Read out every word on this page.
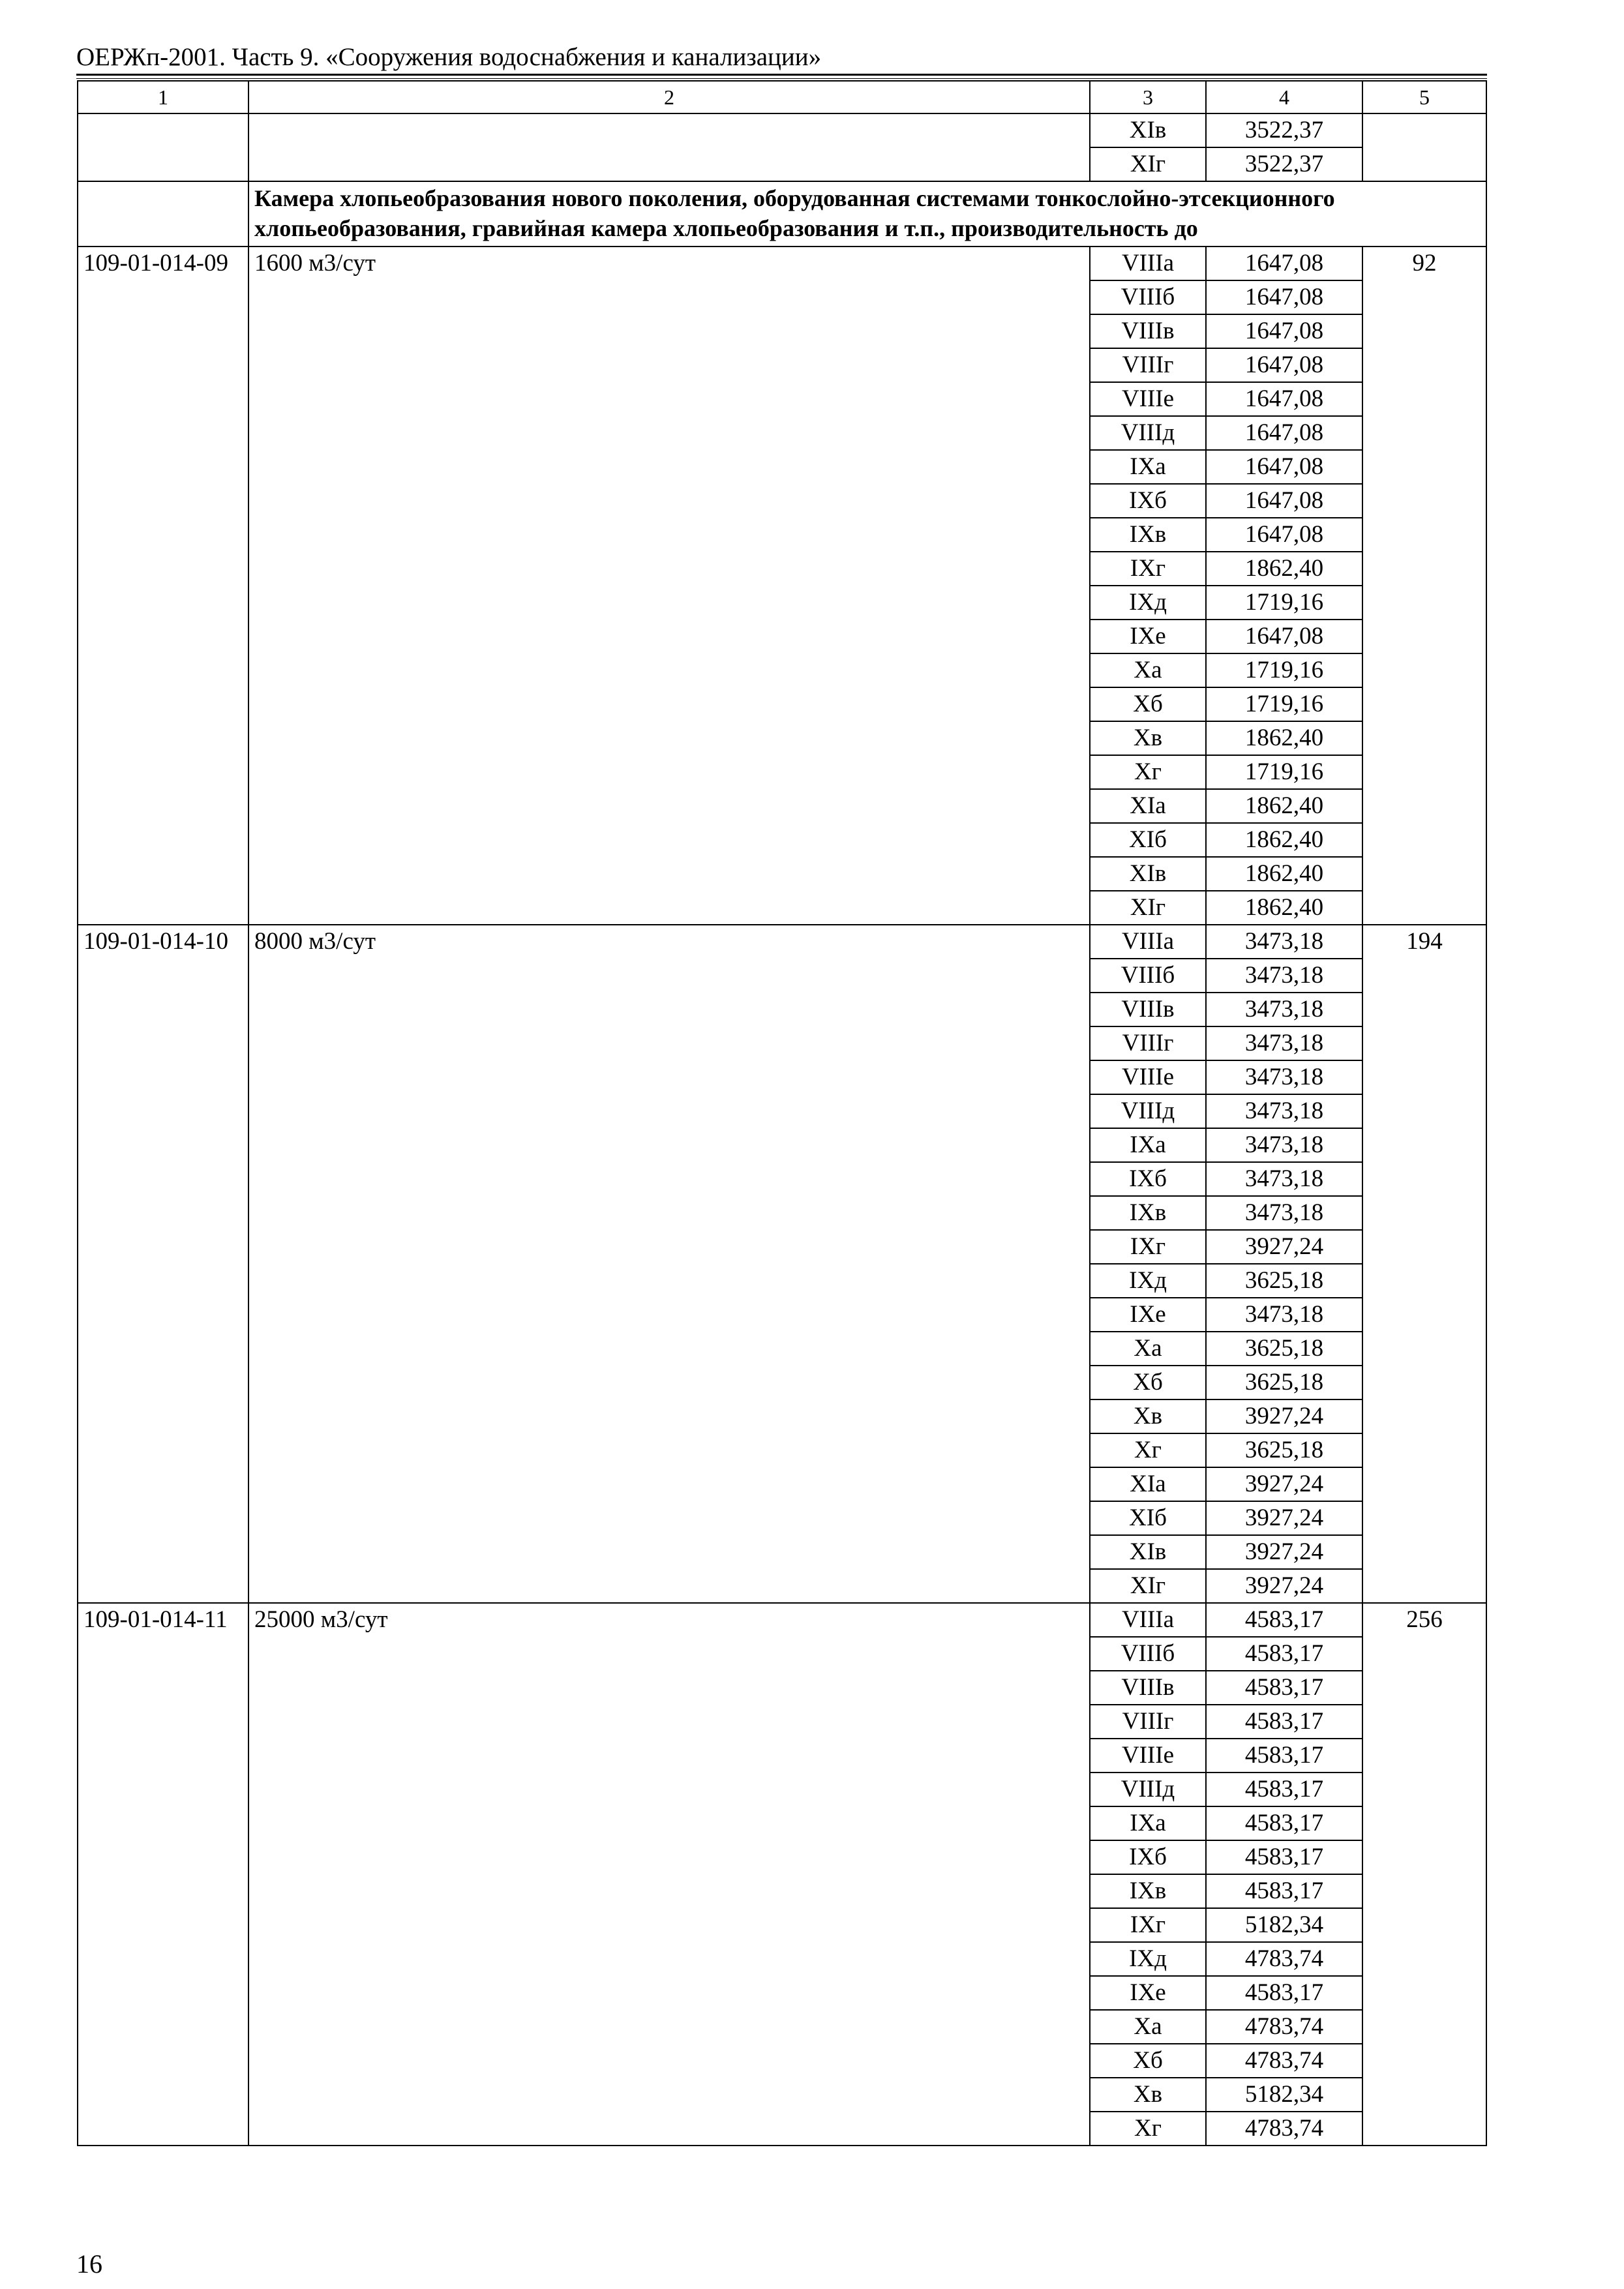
ОЕРЖп-2001. Часть 9. «Сооружения водоснабжения и канализации»
1	2	3	4	5
		XIв	3522,37	
		XIг	3522,37	
	Камера хлопьеобразования нового поколения, оборудованная системами тонкослойно-этсекционного хлопьеобразования, гравийная камера хлопьеобразования и т.п., производительность до			
109-01-014-09	1600 м3/сут	VIIIа	1647,08	92
		VIIIб	1647,08	
		VIIIв	1647,08	
		VIIIг	1647,08	
		VIIIе	1647,08	
		VIIIд	1647,08	
		IXа	1647,08	
		IXб	1647,08	
		IXв	1647,08	
		IXг	1862,40	
		IXд	1719,16	
		IXе	1647,08	
		Xа	1719,16	
		Xб	1719,16	
		Xв	1862,40	
		Xг	1719,16	
		XIа	1862,40	
		XIб	1862,40	
		XIв	1862,40	
		XIг	1862,40	
109-01-014-10	8000 м3/сут	VIIIа	3473,18	194
		VIIIб	3473,18	
		VIIIв	3473,18	
		VIIIг	3473,18	
		VIIIе	3473,18	
		VIIIд	3473,18	
		IXа	3473,18	
		IXб	3473,18	
		IXв	3473,18	
		IXг	3927,24	
		IXд	3625,18	
		IXе	3473,18	
		Xа	3625,18	
		Xб	3625,18	
		Xв	3927,24	
		Xг	3625,18	
		XIа	3927,24	
		XIб	3927,24	
		XIв	3927,24	
		XIг	3927,24	
109-01-014-11	25000 м3/сут	VIIIа	4583,17	256
		VIIIб	4583,17	
		VIIIв	4583,17	
		VIIIг	4583,17	
		VIIIе	4583,17	
		VIIIд	4583,17	
		IXа	4583,17	
		IXб	4583,17	
		IXв	4583,17	
		IXг	5182,34	
		IXд	4783,74	
		IXе	4583,17	
		Xа	4783,74	
		Xб	4783,74	
		Xв	5182,34	
		Xг	4783,74	
16
